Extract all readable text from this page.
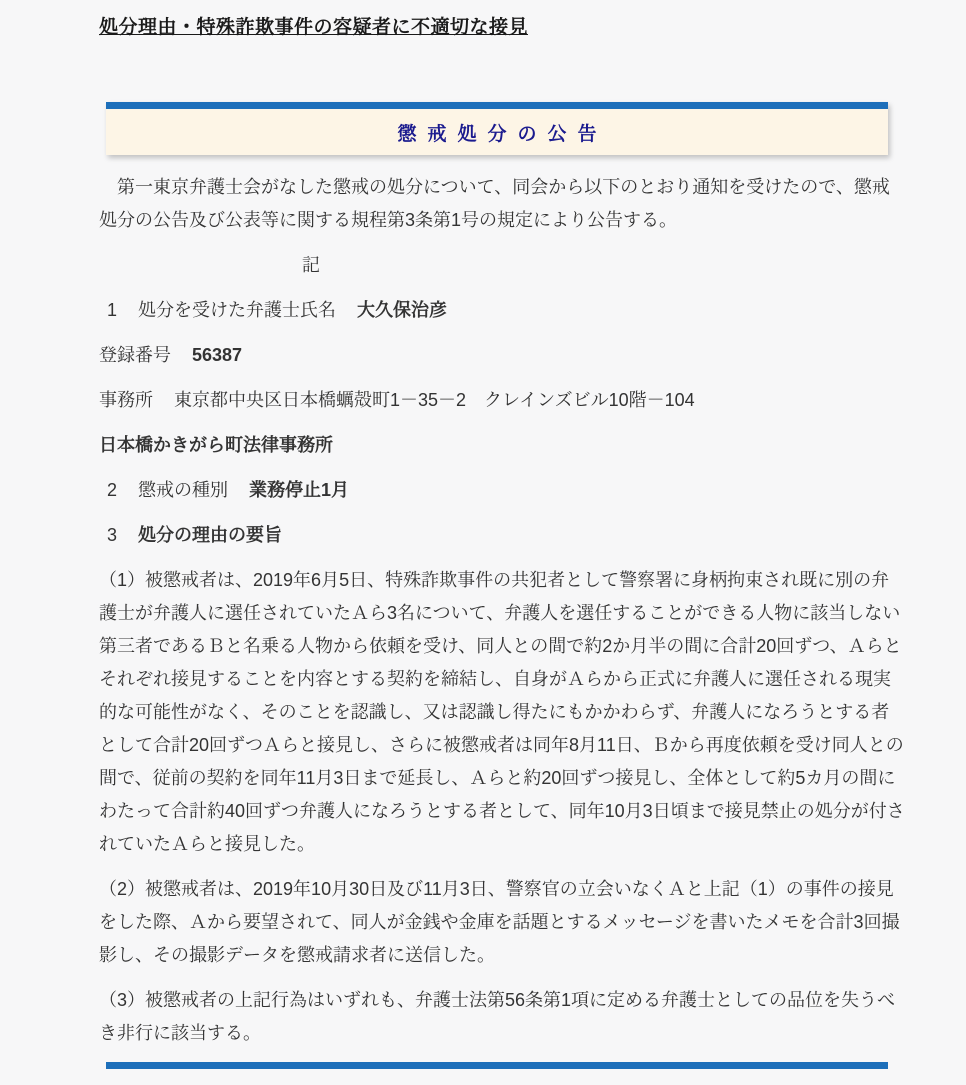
処分理由・特殊詐欺事件の容疑者に不適切な接見
懲戒処分の公告

　第一東京弁護士会がなした懲戒の処分について、同会から以下のとおり通知を受けたので、懲戒処分の公告及び公表等に関する規程第3条第1号の規定により公告する。

記

1 処分を受けた弁護士氏名 大久保治彦

登録番号 56387

事務所 東京都中央区日本橋蠣殻町1－35－2　クレインズビル10階－104

日本橋かきがら町法律事務所

2 懲戒の種別 業務停止1月

3 処分の理由の要旨

（1）被懲戒者は、2019年6月5日、特殊詐欺事件の共犯者として警察署に身柄拘束され既に別の弁護士が弁護人に選任されていたＡら3名について、弁護人を選任することができる人物に該当しない第三者であるＢと名乗る人物から依頼を受け、同人との間で約2か月半の間に合計20回ずつ、Ａらとそれぞれ接見することを内容とする契約を締結し、自身がＡらから正式に弁護人に選任される現実的な可能性がなく、そのことを認識し、又は認識し得たにもかかわらず、弁護人になろうとする者として合計20回ずつＡらと接見し、さらに被懲戒者は同年8月11日、Ｂから再度依頼を受け同人との間で、従前の契約を同年11月3日まで延長し、Ａらと約20回ずつ接見し、全体として約5カ月の間にわたって合計約40回ずつ弁護人になろうとする者として、同年10月3日頃まで接見禁止の処分が付されていたＡらと接見した。

（2）被懲戒者は、2019年10月30日及び11月3日、警察官の立会いなくＡと上記（1）の事件の接見をした際、Ａから要望されて、同人が金銭や金庫を話題とするメッセージを書いたメモを合計3回撮影し、その撮影データを懲戒請求者に送信した。

（3）被懲戒者の上記行為はいずれも、弁護士法第56条第1項に定める弁護士としての品位を失うべき非行に該当する。
